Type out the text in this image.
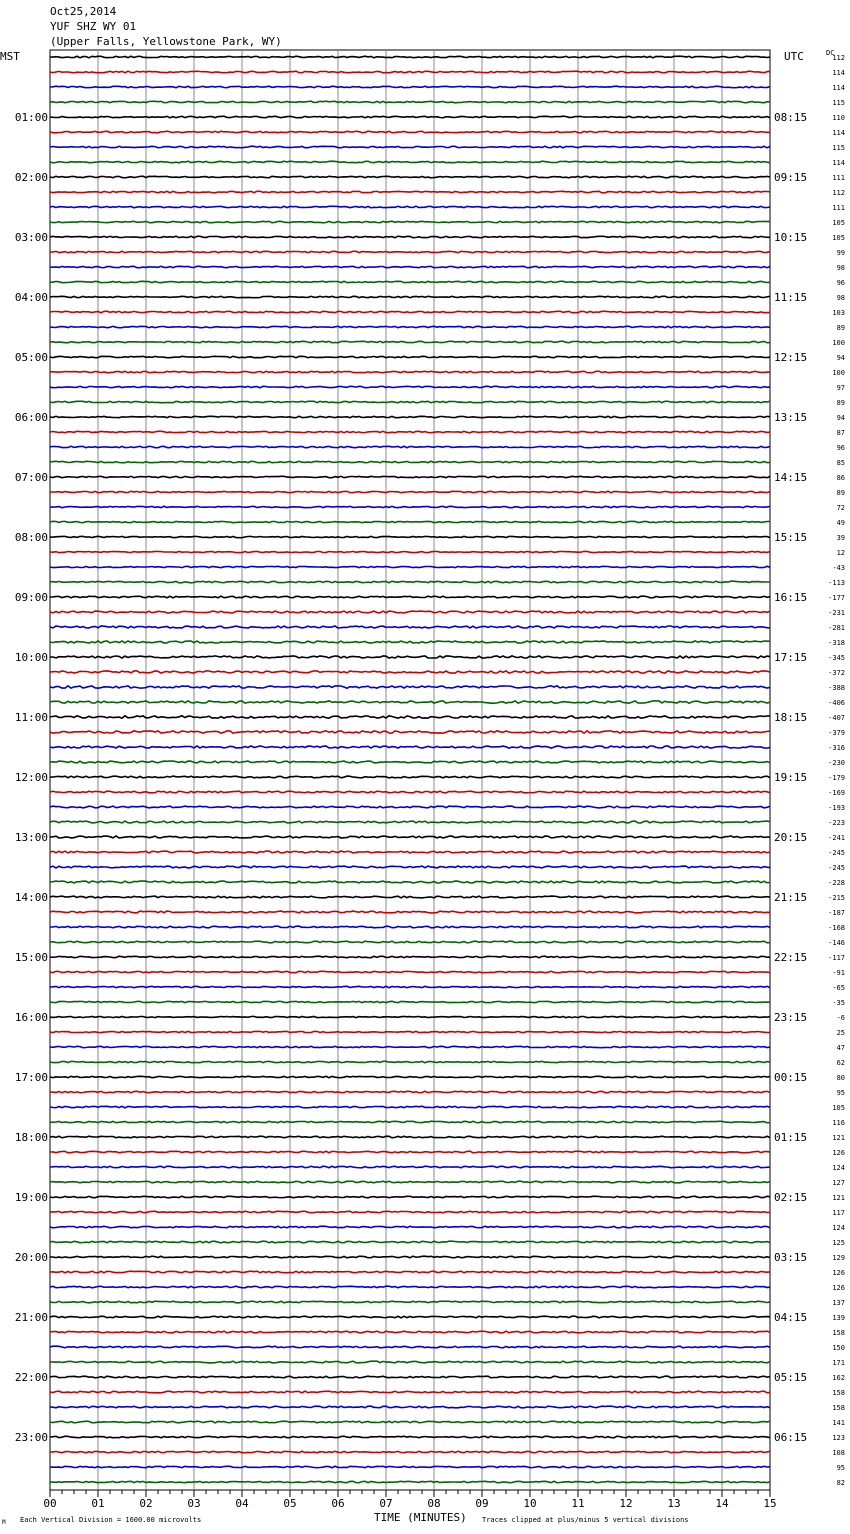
Oct25,2014
YUF SHZ WY 01
(Upper Falls, Yellowstone Park, WY)
MST	UTC	DC
112
114
114
115
110
114
115
114
111
112
111
105
105
99
98
96
98
103
89
100
94
100
97
89
94
87
96
85
86
89
72
49
39
12
-43
-113
-177
-231
-281
-318
-345
-372
-388
-406
-407
-379
-316
-230
-179
-169
-193
-223
-241
-245
-245
-228
-215
-187
-168
-146
-117
-91
-65
-35
-6
25
47
62
80
95
105
116
121
126
124
127
121
117
124
125
129
126
126
137
139
158
150
171
162
158
158
141
123
108
95
82
01:00
02:00
03:00
04:00
05:00
06:00
07:00
08:00
09:00
10:00
11:00
12:00
13:00
14:00
15:00
16:00
17:00
18:00
19:00
20:00
21:00
22:00
23:00
08:15
09:15
10:15
11:15
12:15
13:15
14:15
15:15
16:15
17:15
18:15
19:15
20:15
21:15
22:15
23:15
00:15
01:15
02:15
03:15
04:15
05:15
06:15
00	01	02	03	04	05	06	07	08	09	10	11	12	13	14	15
TIME (MINUTES)
Each Vertical Division = 1600.00 microvolts	Traces clipped at plus/minus 5 vertical divisions
M
